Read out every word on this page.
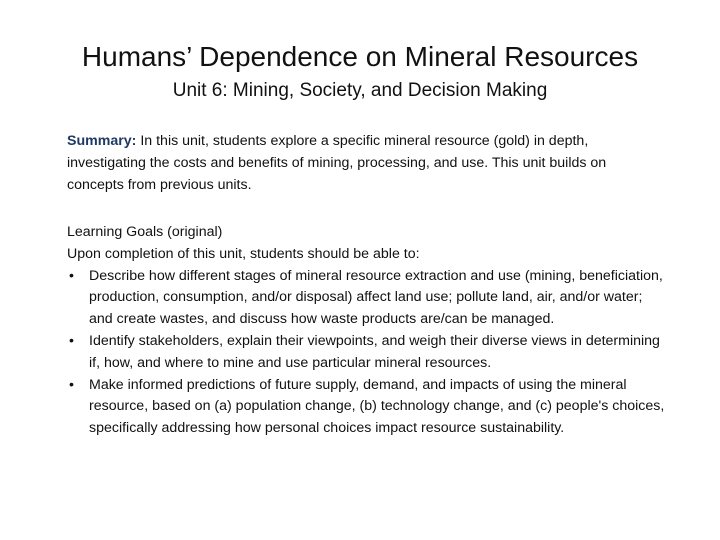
Humans’ Dependence on Mineral Resources
Unit 6: Mining, Society, and Decision Making
Summary: In this unit, students explore a specific mineral resource (gold) in depth, investigating the costs and benefits of mining, processing, and use. This unit builds on concepts from previous units.
Learning Goals (original)
Upon completion of this unit, students should be able to:
• Describe how different stages of mineral resource extraction and use (mining, beneficiation, production, consumption, and/or disposal) affect land use; pollute land, air, and/or water; and create wastes, and discuss how waste products are/can be managed.
• Identify stakeholders, explain their viewpoints, and weigh their diverse views in determining if, how, and where to mine and use particular mineral resources.
• Make informed predictions of future supply, demand, and impacts of using the mineral resource, based on (a) population change, (b) technology change, and (c) people's choices, specifically addressing how personal choices impact resource sustainability.
